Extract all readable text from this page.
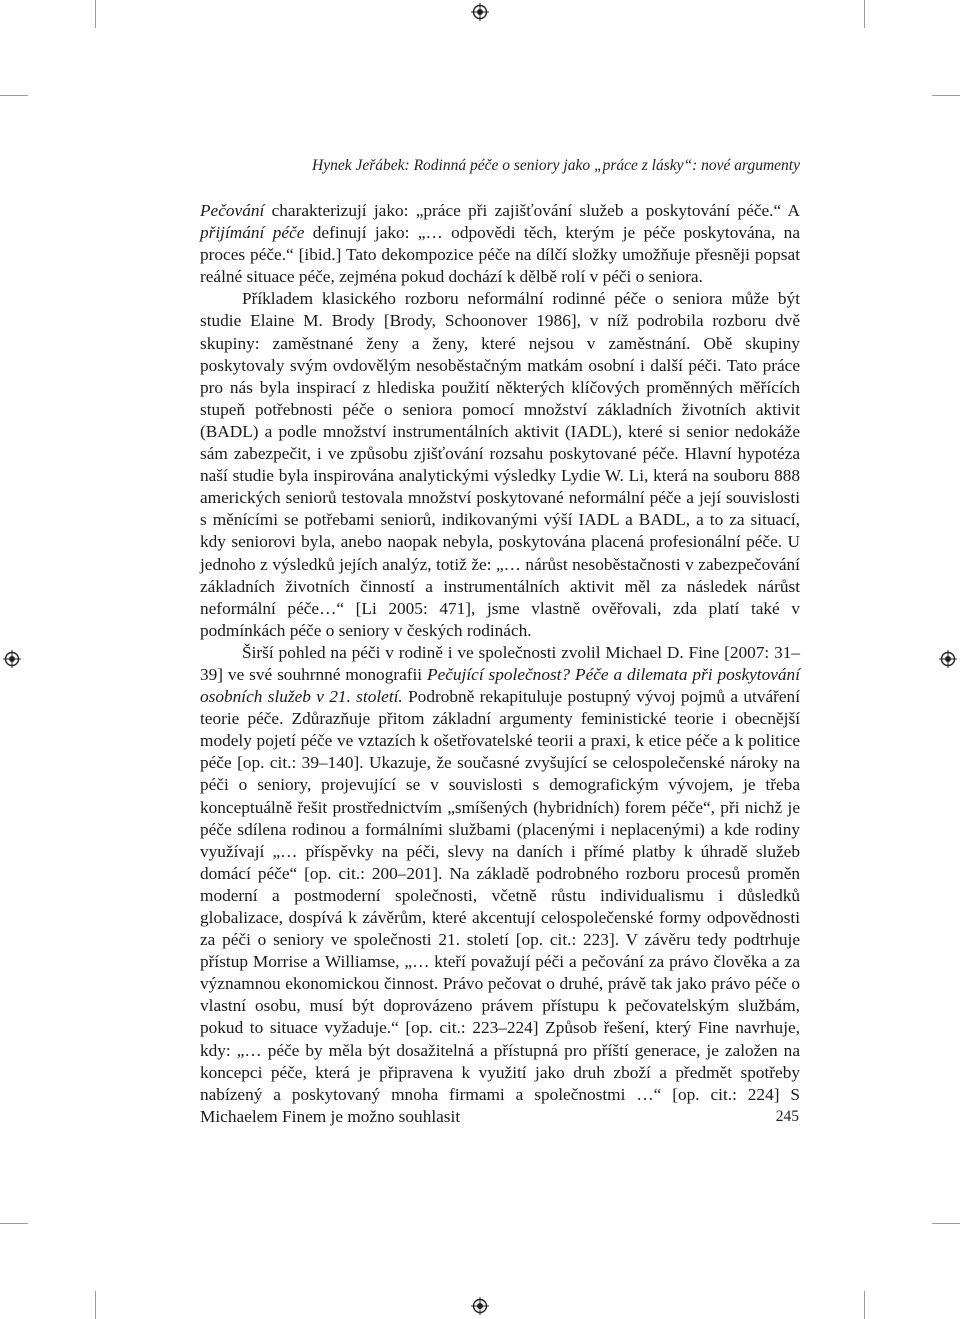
Hynek Jeřábek: Rodinná péče o seniory jako „práce z lásky“: nové argumenty

Pečování charakterizují jako: „práce při zajišťování služeb a poskytování péče.“ A přijímání péče definují jako: „… odpovědi těch, kterým je péče poskytována, na proces péče.“ [ibid.] Tato dekompozice péče na dílčí složky umožňuje přesněji popsat reálné situace péče, zejména pokud dochází k dělbě rolí v péči o seniora.

Příkladem klasického rozboru neformální rodinné péče o seniora může být studie Elaine M. Brody [Brody, Schoonover 1986], v níž podrobila rozboru dvě skupiny: zaměstnané ženy a ženy, které nejsou v zaměstnání. Obě skupiny poskytovaly svým ovdovělým nesoběstačným matkám osobní i další péči. Tato práce pro nás byla inspirací z hlediska použití některých klíčových proměnných měřících stupeň potřebnosti péče o seniora pomocí množství základních životních aktivit (BADL) a podle množství instrumentálních aktivit (IADL), které si senior nedokáže sám zabezpečit, i ve způsobu zjišťování rozsahu poskytované péče. Hlavní hypotéza naší studie byla inspirována analytickými výsledky Lydie W. Li, která na souboru 888 amerických seniorů testovala množství poskytované neformální péče a její souvislosti s měnícími se potřebami seniorů, indikovanými výší IADL a BADL, a to za situací, kdy seniorovi byla, anebo naopak nebyla, poskytována placená profesionální péče. U jednoho z výsledků jejích analýz, totiž že: „… nárůst nesoběstačnosti v zabezpečování základních životních činností a instrumentálních aktivit měl za následek nárůst neformální péče…“ [Li 2005: 471], jsme vlastně ověřovali, zda platí také v podmínkách péče o seniory v českých rodinách.

Širší pohled na péči v rodině i ve společnosti zvolil Michael D. Fine [2007: 31–39] ve své souhrnné monografii Pečující společnost? Péče a dilemata při poskytování osobních služeb v 21. století. Podrobně rekapituluje postupný vývoj pojmů a utváření teorie péče. Zdůrazňuje přitom základní argumenty feministické teorie i obecnější modely pojetí péče ve vztazích k ošetřovatelské teorii a praxi, k etice péče a k politice péče [op. cit.: 39–140]. Ukazuje, že současné zvyšující se celospolečenské nároky na péči o seniory, projevující se v souvislosti s demografickým vývojem, je třeba konceptuálně řešit prostřednictvím „smíšených (hybridních) forem péče“, při nichž je péče sdílena rodinou a formálními službami (placenými i neplacenými) a kde rodiny využívají „… příspěvky na péči, slevy na daních i přímé platby k úhradě služeb domácí péče“ [op. cit.: 200–201]. Na základě podrobného rozboru procesů proměn moderní a postmoderní společnosti, včetně růstu individualismu i důsledků globalizace, dospívá k závěrům, které akcentují celospolečenské formy odpovědnosti za péči o seniory ve společnosti 21. století [op. cit.: 223]. V závěru tedy podtrhuje přístup Morrise a Williamse, „… kteří považují péči a pečování za právo člověka a za významnou ekonomickou činnost. Právo pečovat o druhé, právě tak jako právo péče o vlastní osobu, musí být doprovázeno právem přístupu k pečovatelským službám, pokud to situace vyžaduje.“ [op. cit.: 223–224] Způsob řešení, který Fine navrhuje, kdy: „… péče by měla být dosažitelná a přístupná pro příští generace, je založen na koncepci péče, která je připravena k využití jako druh zboží a předmět spotřeby nabízený a poskytovaný mnoha firmami a společnostmi …“ [op. cit.: 224] S Michaelem Finem je možno souhlasit	245
